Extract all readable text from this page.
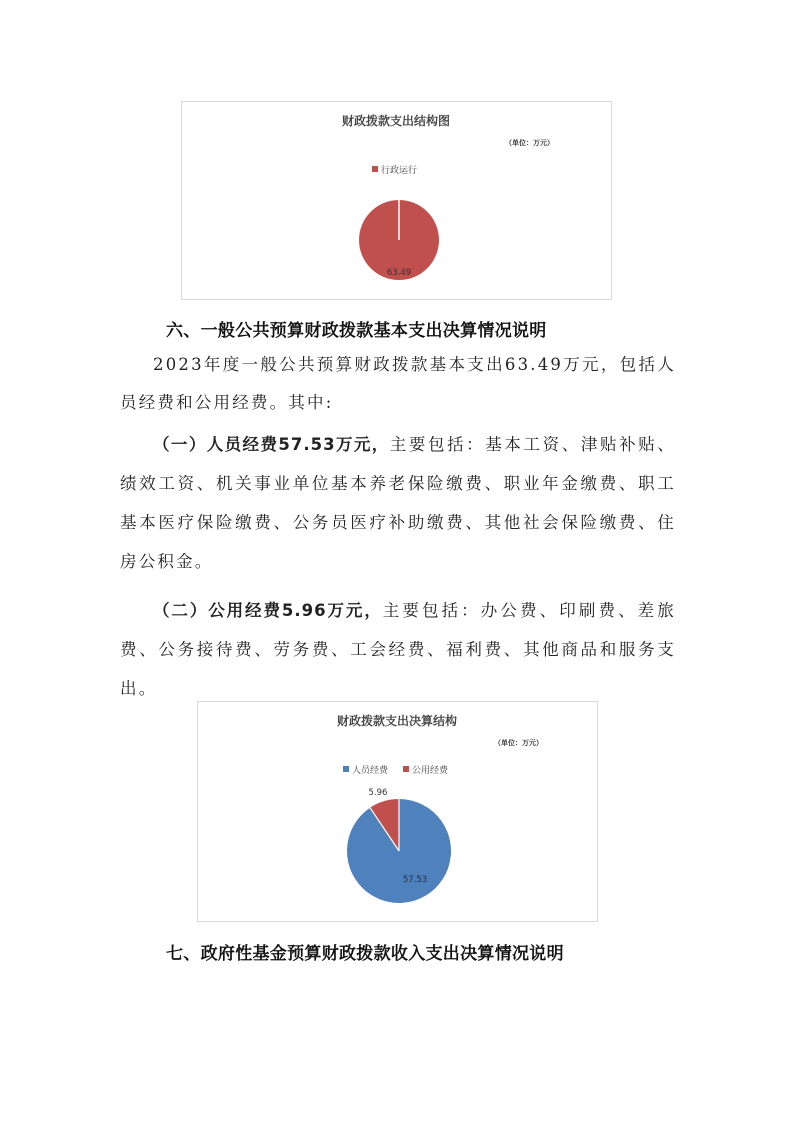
财政拨款支出结构图
（单位：万元）
行政运行
63.49
六、一般公共预算财政拨款基本支出决算情况说明
2023年度一般公共预算财政拨款基本支出63.49万元，包括人员经费和公用经费。其中:
（一）人员经费57.53万元，主要包括：基本工资、津贴补贴、绩效工资、机关事业单位基本养老保险缴费、职业年金缴费、职工基本医疗保险缴费、公务员医疗补助缴费、其他社会保险缴费、住房公积金。
（二）公用经费5.96万元，主要包括：办公费、印刷费、差旅费、公务接待费、劳务费、工会经费、福利费、其他商品和服务支出。
财政拨款支出决算结构
（单位：万元）
人员经费	公用经费
57.53
5.96
七、政府性基金预算财政拨款收入支出决算情况说明
